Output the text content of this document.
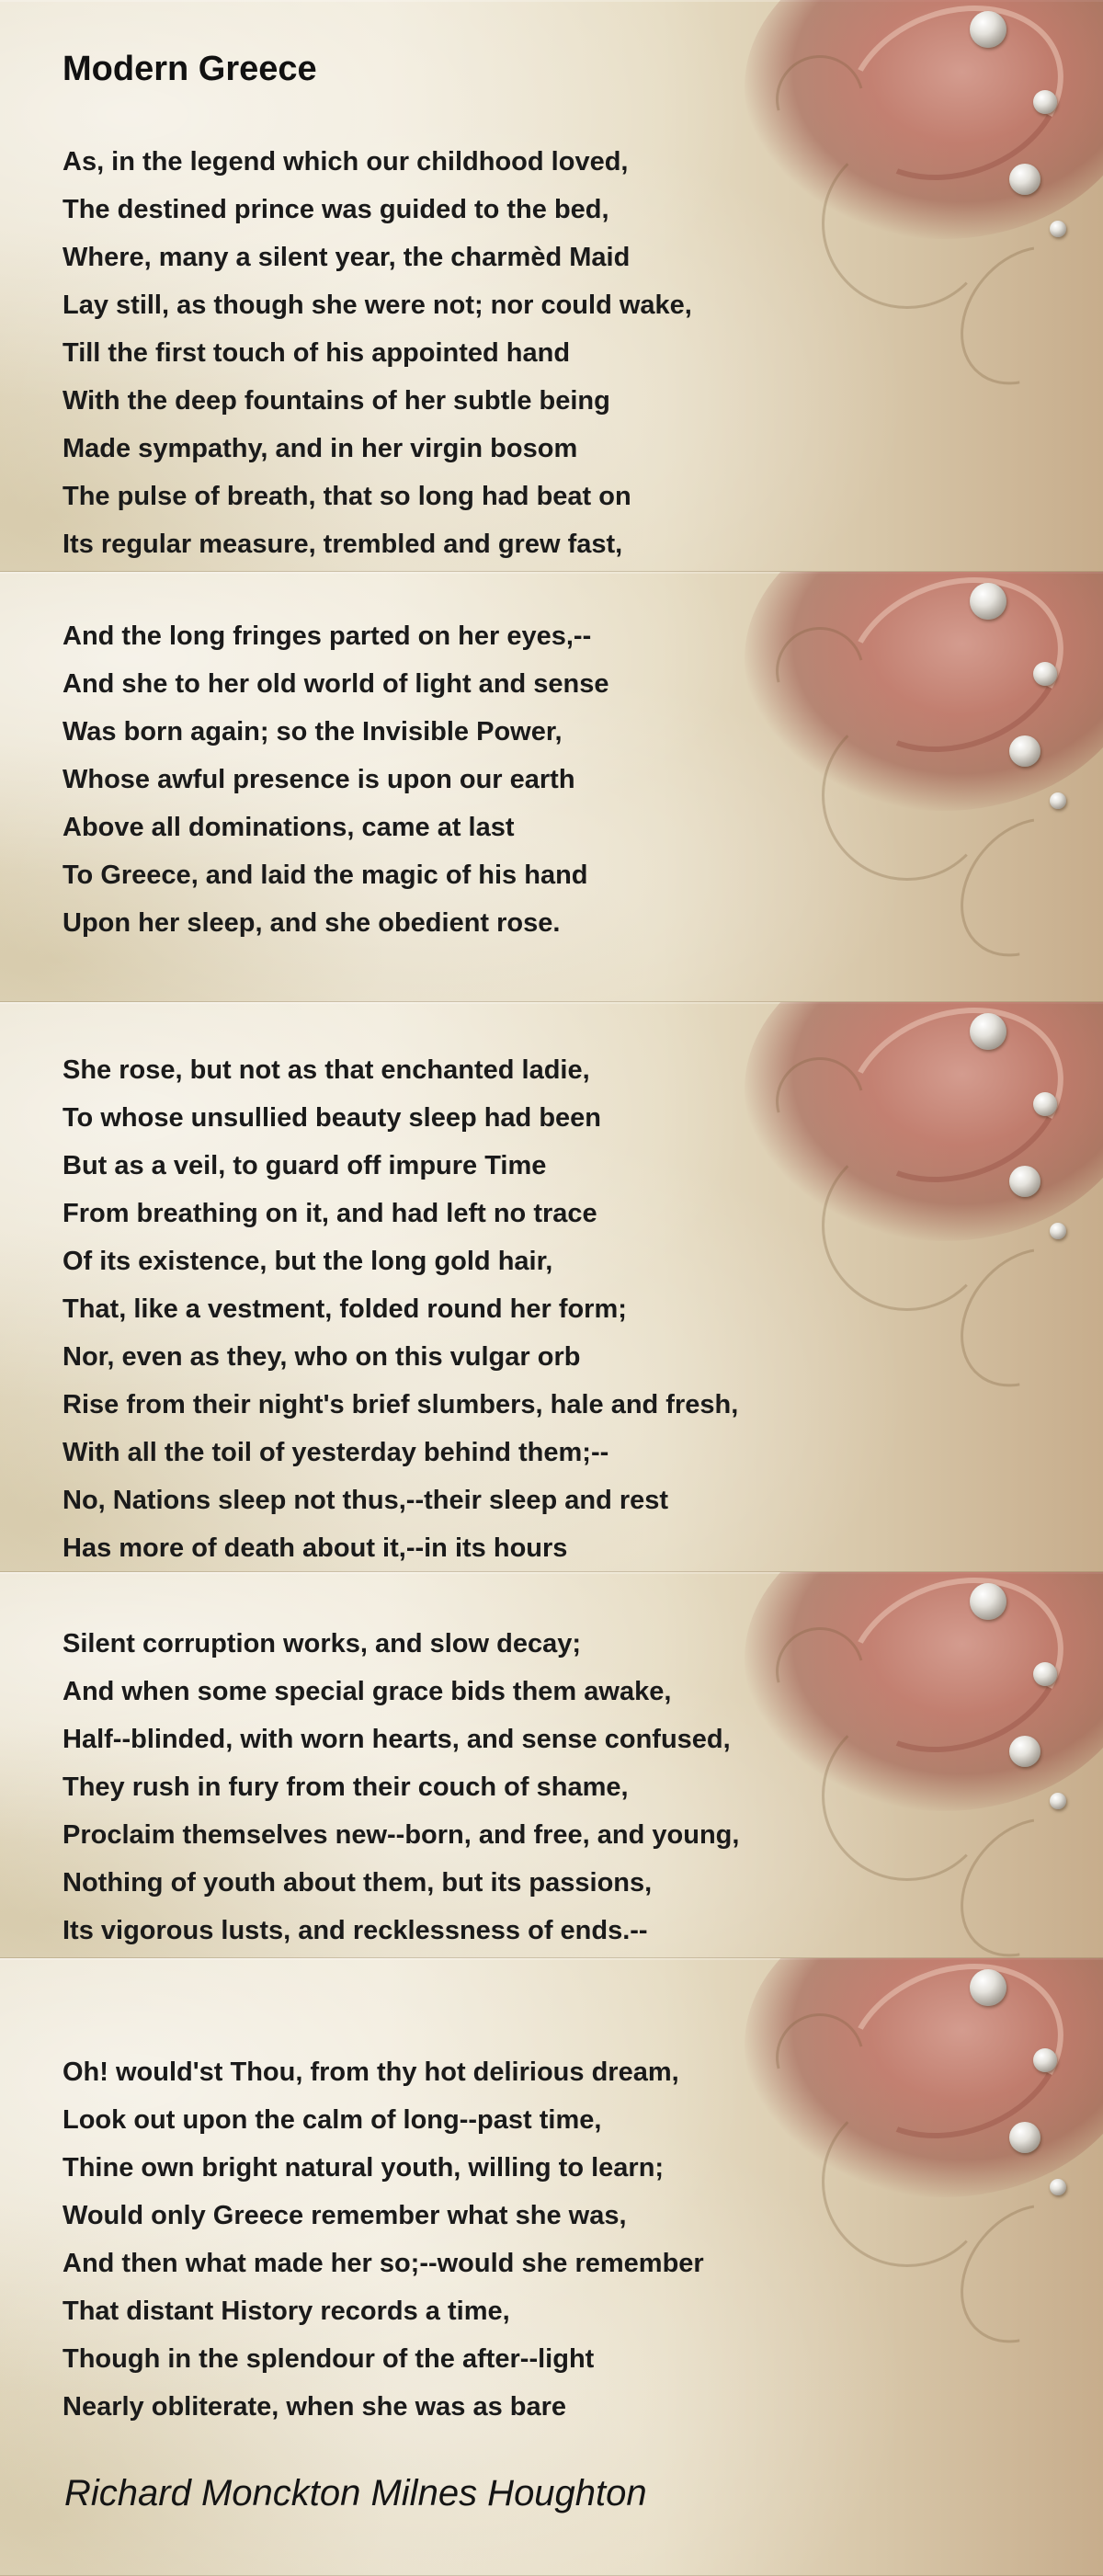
Modern Greece
As, in the legend which our childhood loved,
The destined prince was guided to the bed,
Where, many a silent year, the charmèd Maid
Lay still, as though she were not; nor could wake,
Till the first touch of his appointed hand
With the deep fountains of her subtle being
Made sympathy, and in her virgin bosom
The pulse of breath, that so long had beat on
Its regular measure, trembled and grew fast,
And the long fringes parted on her eyes,--
And she to her old world of light and sense
Was born again; so the Invisible Power,
Whose awful presence is upon our earth
Above all dominations, came at last
To Greece, and laid the magic of his hand
Upon her sleep, and she obedient rose.
She rose, but not as that enchanted ladie,
To whose unsullied beauty sleep had been
But as a veil, to guard off impure Time
From breathing on it, and had left no trace
Of its existence, but the long gold hair,
That, like a vestment, folded round her form;
Nor, even as they, who on this vulgar orb
Rise from their night's brief slumbers, hale and fresh,
With all the toil of yesterday behind them;--
No, Nations sleep not thus,--their sleep and rest
Has more of death about it,--in its hours
Silent corruption works, and slow decay;
And when some special grace bids them awake,
Half--blinded, with worn hearts, and sense confused,
They rush in fury from their couch of shame,
Proclaim themselves new--born, and free, and young,
Nothing of youth about them, but its passions,
Its vigorous lusts, and recklessness of ends.--
Oh! would'st Thou, from thy hot delirious dream,
Look out upon the calm of long--past time,
Thine own bright natural youth, willing to learn;
Would only Greece remember what she was,
And then what made her so;--would she remember
That distant History records a time,
Though in the splendour of the after--light
Nearly obliterate, when she was as bare
Richard Monckton Milnes Houghton
